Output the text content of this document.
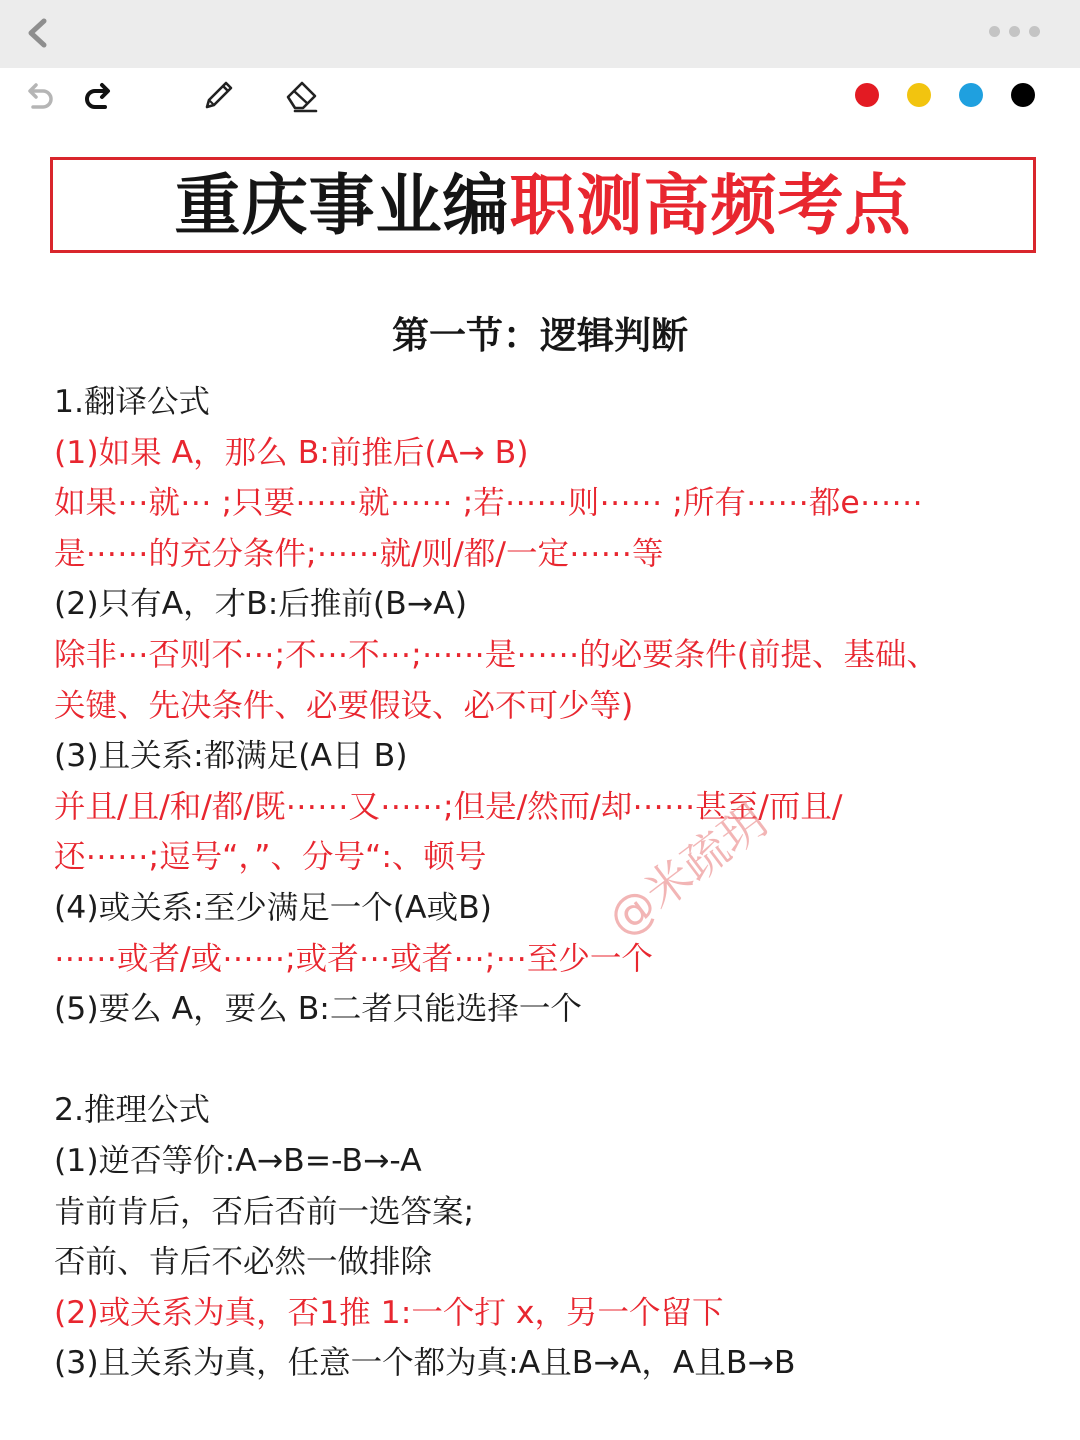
重庆事业编职测高频考点
第一节：逻辑判断
1.翻译公式
(1)如果 A，那么 B:前推后(A→ B)
如果⋯就⋯ ;只要⋯⋯就⋯⋯ ;若⋯⋯则⋯⋯ ;所有⋯⋯都e⋯⋯
是⋯⋯的充分条件;⋯⋯就/则/都/一定⋯⋯等
(2)只有A，才B:后推前(B→A)
除非⋯否则不⋯;不⋯不⋯;⋯⋯是⋯⋯的必要条件(前提、基础、
关键、先决条件、必要假设、必不可少等)
(3)且关系:都满足(A日 B)
并且/且/和/都/既⋯⋯又⋯⋯;但是/然而/却⋯⋯甚至/而且/
还⋯⋯;逗号“，”、分号“:、顿号
(4)或关系:至少满足一个(A或B)
⋯⋯或者/或⋯⋯;或者⋯或者⋯;⋯至少一个
(5)要么 A，要么 B:二者只能选择一个
2.推理公式
(1)逆否等价:A→B=-B→-A
肯前肯后，否后否前一选答案;
否前、肯后不必然一做排除
(2)或关系为真，否1推 1:一个打 x，另一个留下
(3)且关系为真，任意一个都为真:A且B→A，A且B→B
@米疏玥
